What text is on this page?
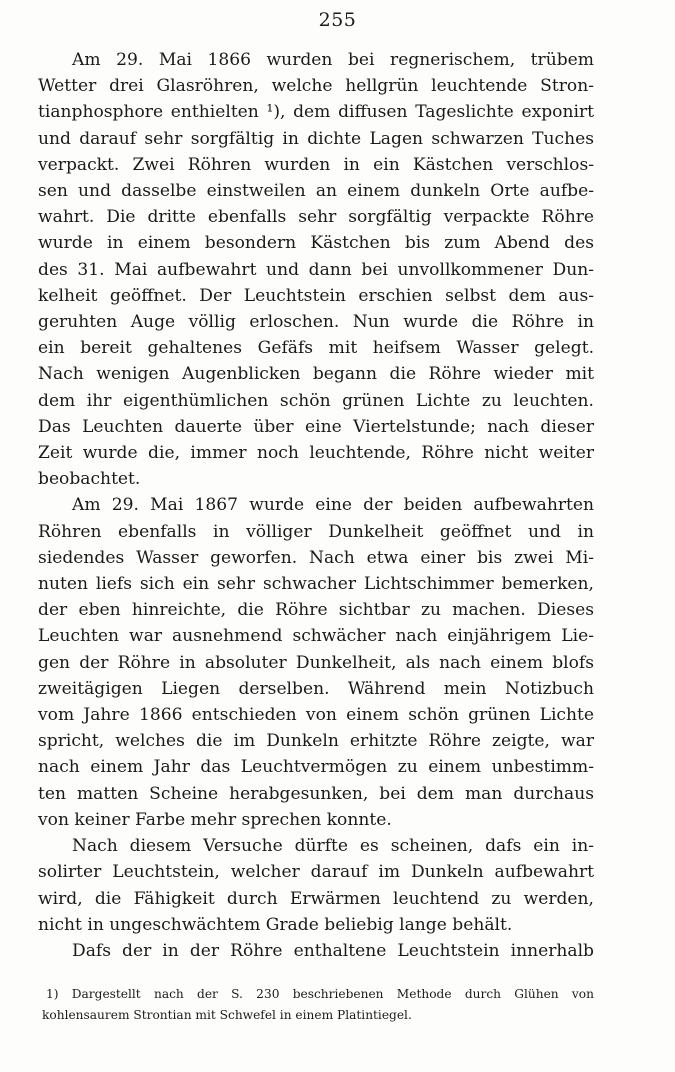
255

Am 29. Mai 1866 wurden bei regnerischem, trübem
Wetter drei Glasröhren, welche hellgrün leuchtende Stron-
tianphosphore enthielten ¹), dem diffusen Tageslichte exponirt
und darauf sehr sorgfältig in dichte Lagen schwarzen Tuches
verpackt. Zwei Röhren wurden in ein Kästchen verschlos-
sen und dasselbe einstweilen an einem dunkeln Orte aufbe-
wahrt. Die dritte ebenfalls sehr sorgfältig verpackte Röhre
wurde in einem besondern Kästchen bis zum Abend des
des 31. Mai aufbewahrt und dann bei unvollkommener Dun-
kelheit geöffnet. Der Leuchtstein erschien selbst dem aus-
geruhten Auge völlig erloschen. Nun wurde die Röhre in
ein bereit gehaltenes Gefäfs mit heifsem Wasser gelegt.
Nach wenigen Augenblicken begann die Röhre wieder mit
dem ihr eigenthümlichen schön grünen Lichte zu leuchten.
Das Leuchten dauerte über eine Viertelstunde; nach dieser
Zeit wurde die, immer noch leuchtende, Röhre nicht weiter
beobachtet.

Am 29. Mai 1867 wurde eine der beiden aufbewahrten
Röhren ebenfalls in völliger Dunkelheit geöffnet und in
siedendes Wasser geworfen. Nach etwa einer bis zwei Mi-
nuten liefs sich ein sehr schwacher Lichtschimmer bemerken,
der eben hinreichte, die Röhre sichtbar zu machen. Dieses
Leuchten war ausnehmend schwächer nach einjährigem Lie-
gen der Röhre in absoluter Dunkelheit, als nach einem blofs
zweitägigen Liegen derselben. Während mein Notizbuch
vom Jahre 1866 entschieden von einem schön grünen Lichte
spricht, welches die im Dunkeln erhitzte Röhre zeigte, war
nach einem Jahr das Leuchtvermögen zu einem unbestimm-
ten matten Scheine herabgesunken, bei dem man durchaus
von keiner Farbe mehr sprechen konnte.

Nach diesem Versuche dürfte es scheinen, dafs ein in-
solirter Leuchtstein, welcher darauf im Dunkeln aufbewahrt
wird, die Fähigkeit durch Erwärmen leuchtend zu werden,
nicht in ungeschwächtem Grade beliebig lange behält.

Dafs der in der Röhre enthaltene Leuchtstein innerhalb

1) Dargestellt nach der S. 230 beschriebenen Methode durch Glühen von
kohlensaurem Strontian mit Schwefel in einem Platintiegel.
